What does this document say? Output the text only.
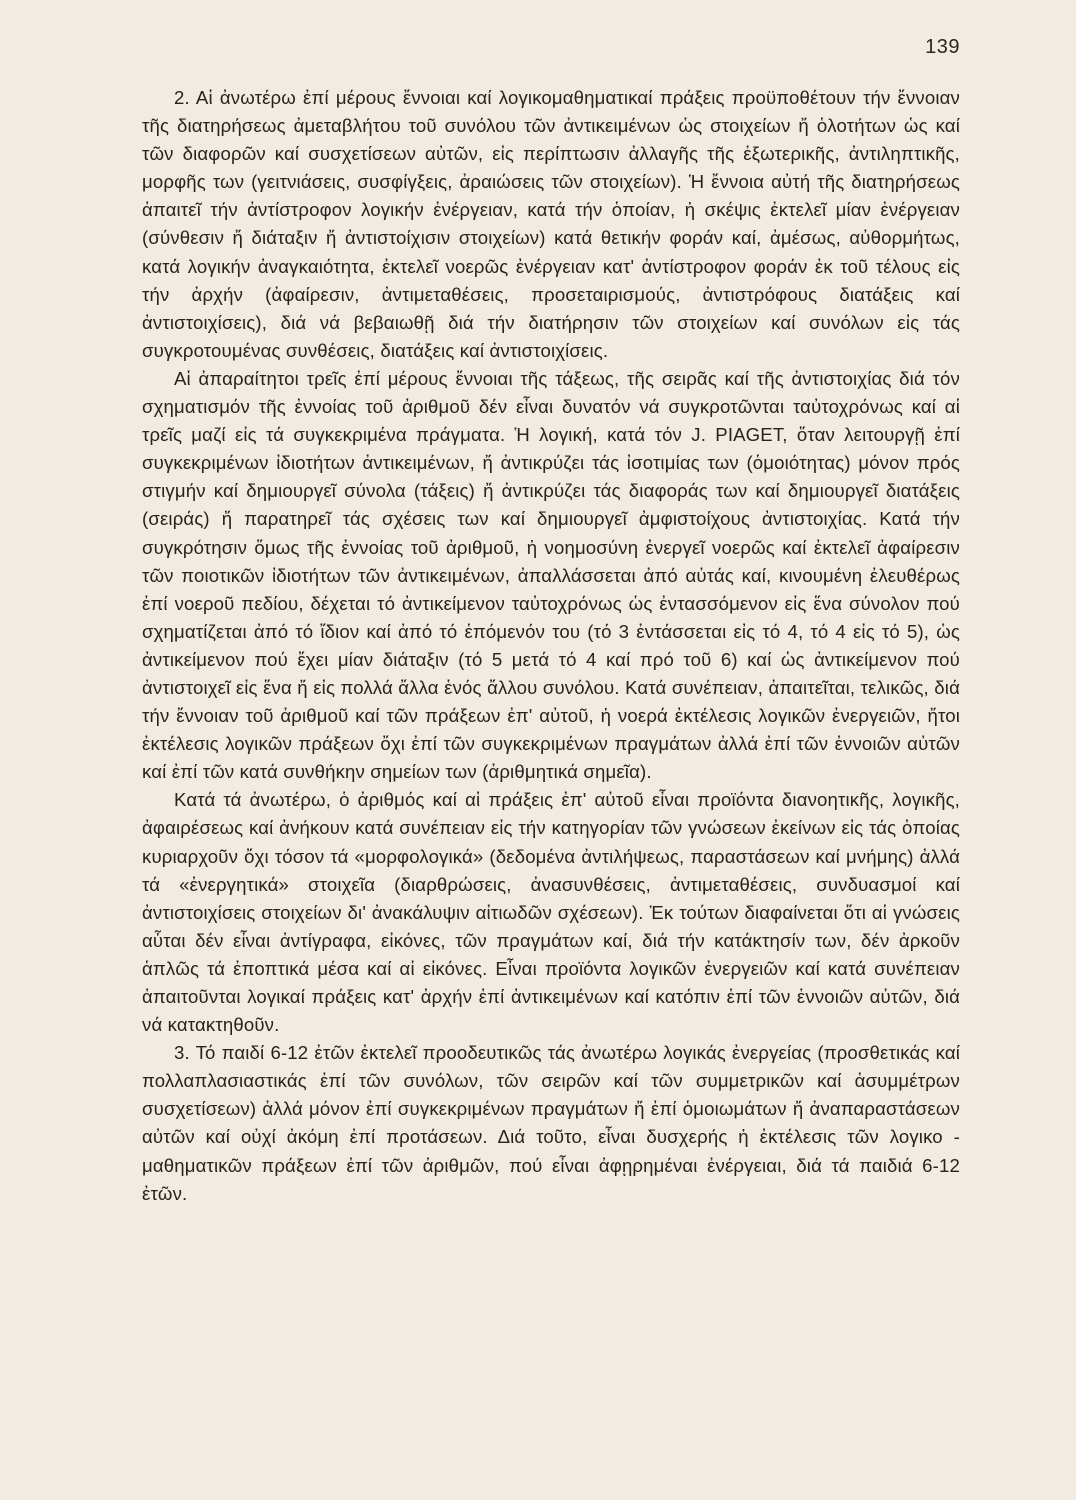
139

2. Αἱ ἀνωτέρω ἐπί μέρους ἔννοιαι καί λογικομαθηματικαί πράξεις προϋποθέτουν τήν ἔννοιαν τῆς διατηρήσεως ἀμεταβλήτου τοῦ συνόλου τῶν ἀντικειμένων ὡς στοιχείων ἤ ὁλοτήτων ὡς καί τῶν διαφορῶν καί συσχετίσεων αὐτῶν, εἰς περίπτωσιν ἀλλαγῆς τῆς ἐξωτερικῆς, ἀντιληπτικῆς, μορφῆς των (γειτνιάσεις, συσφίγξεις, ἀραιώσεις τῶν στοιχείων). Ἡ ἔννοια αὐτή τῆς διατηρήσεως ἀπαιτεῖ τήν ἀντίστροφον λογικήν ἐνέργειαν, κατά τήν ὁποίαν, ἡ σκέψις ἐκτελεῖ μίαν ἐνέργειαν (σύνθεσιν ἤ διάταξιν ἤ ἀντιστοίχισιν στοιχείων) κατά θετικήν φοράν καί, ἀμέσως, αὐθορμήτως, κατά λογικήν ἀναγκαιότητα, ἐκτελεῖ νοερῶς ἐνέργειαν κατ' ἀντίστροφον φοράν ἐκ τοῦ τέλους εἰς τήν ἀρχήν (ἀφαίρεσιν, ἀντιμεταθέσεις, προσεταιρισμούς, ἀντιστρόφους διατάξεις καί ἀντιστοιχίσεις), διά νά βεβαιωθῇ διά τήν διατήρησιν τῶν στοιχείων καί συνόλων εἰς τάς συγκροτουμένας συνθέσεις, διατάξεις καί ἀντιστοιχίσεις.

Αἱ ἀπαραίτητοι τρεῖς ἐπί μέρους ἔννοιαι τῆς τάξεως, τῆς σειρᾶς καί τῆς ἀντιστοιχίας διά τόν σχηματισμόν τῆς ἐννοίας τοῦ ἀριθμοῦ δέν εἶναι δυνατόν νά συγκροτῶνται ταὐτοχρόνως καί αἱ τρεῖς μαζί εἰς τά συγκεκριμένα πράγματα. Ἡ λογική, κατά τόν J. PIAGET, ὅταν λειτουργῇ ἐπί συγκεκριμένων ἰδιοτήτων ἀντικειμένων, ἤ ἀντικρύζει τάς ἰσοτιμίας των (ὁμοιότητας) μόνον πρός στιγμήν καί δημιουργεῖ σύνολα (τάξεις) ἤ ἀντικρύζει τάς διαφοράς των καί δημιουργεῖ διατάξεις (σειράς) ἤ παρατηρεῖ τάς σχέσεις των καί δημιουργεῖ ἀμφιστοίχους ἀντιστοιχίας. Κατά τήν συγκρότησιν ὅμως τῆς ἐννοίας τοῦ ἀριθμοῦ, ἡ νοημοσύνη ἐνεργεῖ νοερῶς καί ἐκτελεῖ ἀφαίρεσιν τῶν ποιοτικῶν ἰδιοτήτων τῶν ἀντικειμένων, ἀπαλλάσσεται ἀπό αὐτάς καί, κινουμένη ἐλευθέρως ἐπί νοεροῦ πεδίου, δέχεται τό ἀντικείμενον ταὐτοχρόνως ὡς ἐντασσόμενον εἰς ἕνα σύνολον πού σχηματίζεται ἀπό τό ἴδιον καί ἀπό τό ἑπόμενόν του (τό 3 ἐντάσσεται εἰς τό 4, τό 4 εἰς τό 5), ὡς ἀντικείμενον πού ἔχει μίαν διάταξιν (τό 5 μετά τό 4 καί πρό τοῦ 6) καί ὡς ἀντικείμενον πού ἀντιστοιχεῖ εἰς ἕνα ἤ εἰς πολλά ἄλλα ἑνός ἄλλου συνόλου. Κατά συνέπειαν, ἀπαιτεῖται, τελικῶς, διά τήν ἔννοιαν τοῦ ἀριθμοῦ καί τῶν πράξεων ἐπ' αὐτοῦ, ἡ νοερά ἐκτέλεσις λογικῶν ἐνεργειῶν, ἤτοι ἐκτέλεσις λογικῶν πράξεων ὄχι ἐπί τῶν συγκεκριμένων πραγμάτων ἀλλά ἐπί τῶν ἐννοιῶν αὐτῶν καί ἐπί τῶν κατά συνθήκην σημείων των (ἀριθμητικά σημεῖα).

Κατά τά ἀνωτέρω, ὁ ἀριθμός καί αἱ πράξεις ἐπ' αὐτοῦ εἶναι προϊόντα διανοητικῆς, λογικῆς, ἀφαιρέσεως καί ἀνήκουν κατά συνέπειαν εἰς τήν κατηγορίαν τῶν γνώσεων ἐκείνων εἰς τάς ὁποίας κυριαρχοῦν ὄχι τόσον τά «μορφολογικά» (δεδομένα ἀντιλήψεως, παραστάσεων καί μνήμης) ἀλλά τά «ἐνεργητικά» στοιχεῖα (διαρθρώσεις, ἀνασυνθέσεις, ἀντιμεταθέσεις, συνδυασμοί καί ἀντιστοιχίσεις στοιχείων δι' ἀνακάλυψιν αἰτιωδῶν σχέσεων). Ἐκ τούτων διαφαίνεται ὅτι αἱ γνώσεις αὗται δέν εἶναι ἀντίγραφα, εἰκόνες, τῶν πραγμάτων καί, διά τήν κατάκτησίν των, δέν ἀρκοῦν ἁπλῶς τά ἐποπτικά μέσα καί αἱ εἰκόνες. Εἶναι προϊόντα λογικῶν ἐνεργειῶν καί κατά συνέπειαν ἀπαιτοῦνται λογικαί πράξεις κατ' ἀρχήν ἐπί ἀντικειμένων καί κατόπιν ἐπί τῶν ἐννοιῶν αὐτῶν, διά νά κατακτηθοῦν.

3. Τό παιδί 6-12 ἐτῶν ἐκτελεῖ προοδευτικῶς τάς ἀνωτέρω λογικάς ἐνεργείας (προσθετικάς καί πολλαπλασιαστικάς ἐπί τῶν συνόλων, τῶν σειρῶν καί τῶν συμμετρικῶν καί ἀσυμμέτρων συσχετίσεων) ἀλλά μόνον ἐπί συγκεκριμένων πραγμάτων ἤ ἐπί ὁμοιωμάτων ἤ ἀναπαραστάσεων αὐτῶν καί οὐχί ἀκόμη ἐπί προτάσεων. Διά τοῦτο, εἶναι δυσχερής ἡ ἐκτέλεσις τῶν λογικο - μαθηματικῶν πράξεων ἐπί τῶν ἀριθμῶν, πού εἶναι ἀφῃρημέναι ἐνέργειαι, διά τά παιδιά 6-12 ἐτῶν.
